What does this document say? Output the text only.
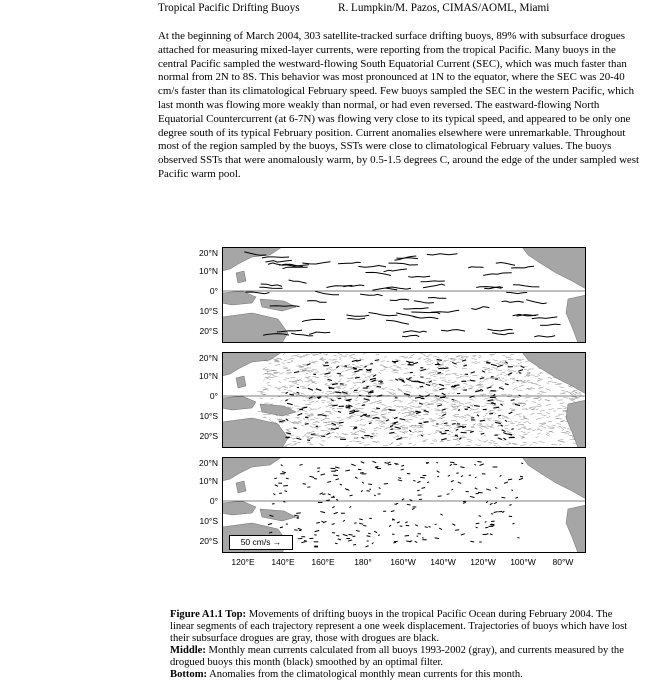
Tropical Pacific Drifting Buoys	R. Lumpkin/M. Pazos, CIMAS/AOML, Miami
At the beginning of March 2004, 303 satellite-tracked surface drifting buoys, 89% with subsurface drogues attached for measuring mixed-layer currents, were reporting from the tropical Pacific. Many buoys in the central Pacific sampled the westward-flowing South Equatorial Current (SEC), which was much faster than normal from 2N to 8S. This behavior was most pronounced at 1N to the equator, where the SEC was 20-40 cm/s faster than its climatological February speed. Few buoys sampled the SEC in the western Pacific, which last month was flowing more weakly than normal, or had even reversed. The eastward-flowing North Equatorial Countercurrent (at 6-7N) was flowing very close to its typical speed, and appeared to be only one degree south of its typical February position. Current anomalies elsewhere were unremarkable. Throughout most of the region sampled by the buoys, SSTs were close to climatological February values. The buoys observed SSTs that were anomalously warm, by 0.5-1.5 degrees C, around the edge of the under sampled west Pacific warm pool.
20°N
10°N
0°
10°S
20°S
20°N
10°N
0°
10°S
20°S
20°N
10°N
0°
10°S
20°S
120°E 140°E 160°E 180° 160°W 140°W 120°W 100°W 80°W
50 cm/s →
Figure A1.1 Top: Movements of drifting buoys in the tropical Pacific Ocean during February 2004. The linear segments of each trajectory represent a one week displacement. Trajectories of buoys which have lost their subsurface drogues are gray, those with drogues are black.
Middle: Monthly mean currents calculated from all buoys 1993-2002 (gray), and currents measured by the drogued buoys this month (black) smoothed by an optimal filter.
Bottom: Anomalies from the climatological monthly mean currents for this month.
